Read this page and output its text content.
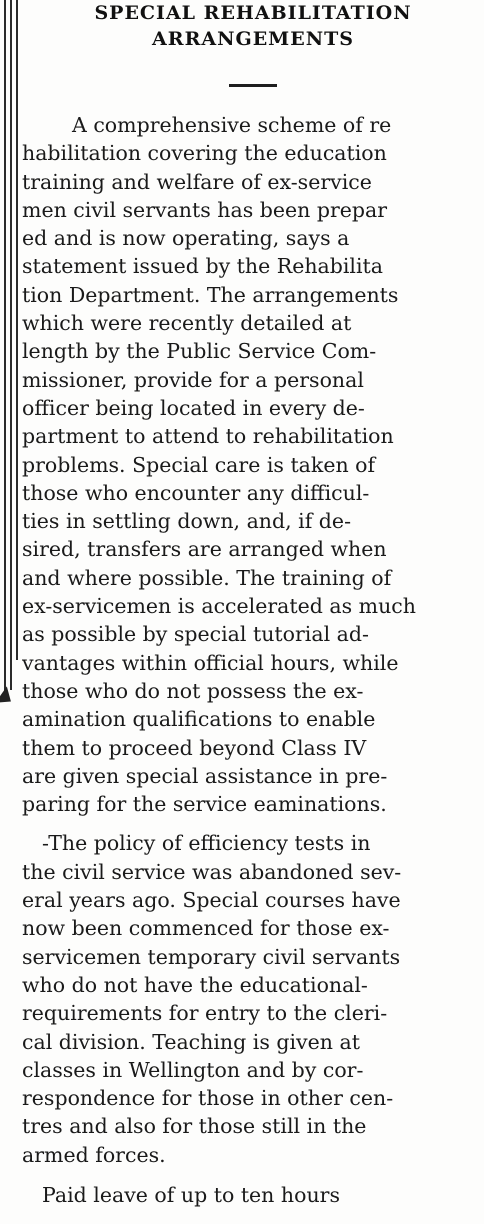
SPECIAL REHABILITATION
ARRANGEMENTS

A comprehensive scheme of re
habilitation covering the education
training and welfare of ex-service
men civil servants has been prepar
ed and is now operating, says a
statement issued by the Rehabilita
tion Department. The arrangements
which were recently detailed at
length by the Public Service Com-
missioner, provide for a personal
officer being located in every de-
partment to attend to rehabilitation
problems. Special care is taken of
those who encounter any difficul-
ties in settling down, and, if de-
sired, transfers are arranged when
and where possible. The training of
ex-servicemen is accelerated as much
as possible by special tutorial ad-
vantages within official hours, while
those who do not possess the ex-
amination qualifications to enable
them to proceed beyond Class IV
are given special assistance in pre-
paring for the service eaminations.

-The policy of efficiency tests in
the civil service was abandoned sev-
eral years ago. Special courses have
now been commenced for those ex-
servicemen temporary civil servants
who do not have the educational-
requirements for entry to the cleri-
cal division. Teaching is given at
classes in Wellington and by cor-
respondence for those in other cen-
tres and also for those still in the
armed forces.

Paid leave of up to ten hours
